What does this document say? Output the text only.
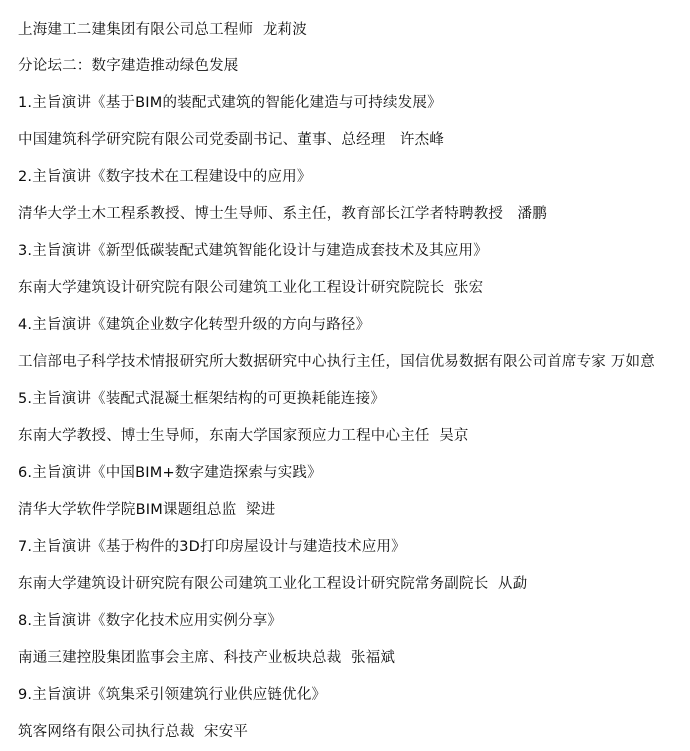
上海建工二建集团有限公司总工程师  龙莉波
分论坛二：数字建造推动绿色发展
1.主旨演讲《基于BIM的装配式建筑的智能化建造与可持续发展》
中国建筑科学研究院有限公司党委副书记、董事、总经理   许杰峰
2.主旨演讲《数字技术在工程建设中的应用》
清华大学土木工程系教授、博士生导师、系主任，教育部长江学者特聘教授   潘鹏
3.主旨演讲《新型低碳装配式建筑智能化设计与建造成套技术及其应用》
东南大学建筑设计研究院有限公司建筑工业化工程设计研究院院长  张宏
4.主旨演讲《建筑企业数字化转型升级的方向与路径》
工信部电子科学技术情报研究所大数据研究中心执行主任，国信优易数据有限公司首席专家 万如意
5.主旨演讲《装配式混凝土框架结构的可更换耗能连接》
东南大学教授、博士生导师，东南大学国家预应力工程中心主任  吴京
6.主旨演讲《中国BIM+数字建造探索与实践》
清华大学软件学院BIM课题组总监  梁进
7.主旨演讲《基于构件的3D打印房屋设计与建造技术应用》
东南大学建筑设计研究院有限公司建筑工业化工程设计研究院常务副院长  从勐
8.主旨演讲《数字化技术应用实例分享》
南通三建控股集团监事会主席、科技产业板块总裁  张福斌
9.主旨演讲《筑集采引领建筑行业供应链优化》
筑客网络有限公司执行总裁  宋安平
